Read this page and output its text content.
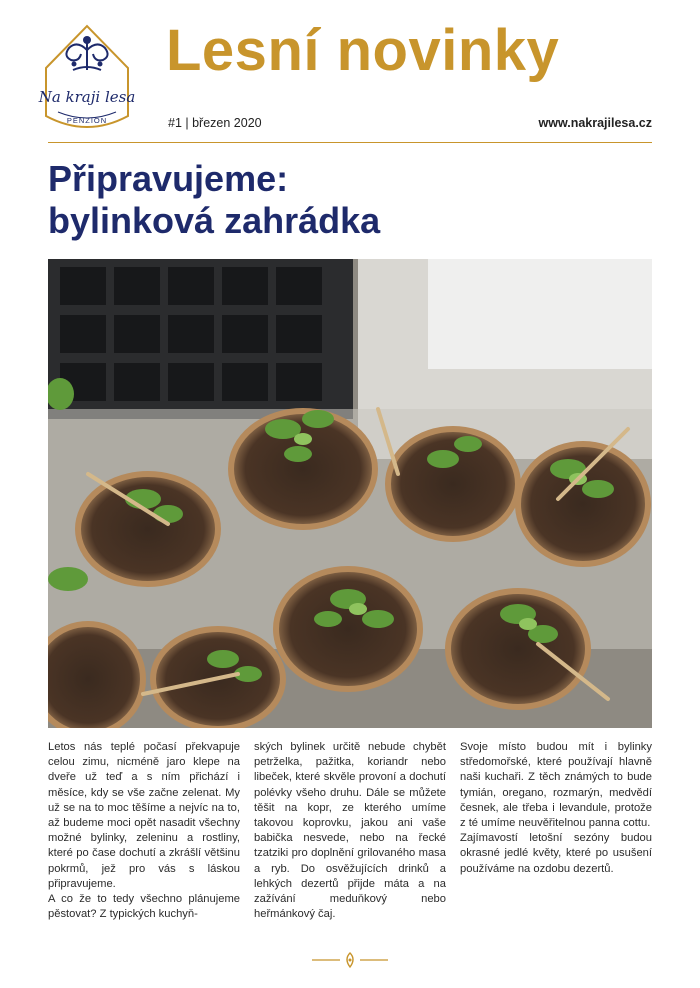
Na kraji lesa
PENZION
Lesní novinky
#1 | březen 2020	www.nakrajilesa.cz
Připravujeme:
bylinková zahrádka

Letos nás teplé počasí překvapuje celou zimu, nicméně jaro klepe na dveře už teď a s ním přichází i měsíce, kdy se vše začne zelenat. My už se na to moc těšíme a nejvíc na to, až budeme moci opět nasadit všechny možné bylinky, zeleninu a rostliny, které po čase dochutí a zkrášlí většinu pokrmů, jež pro vás s láskou připravujeme.

A co že to tedy všechno plánujeme pěstovat? Z typických kuchyň-

ských bylinek určitě nebude chybět petrželka, pažitka, koriandr nebo libeček, které skvěle provoní a dochutí polévky všeho druhu. Dále se můžete těšit na kopr, ze kterého umíme takovou koprovku, jakou ani vaše babička nesvede, nebo na řecké tzatziki pro doplnění grilovaného masa a ryb. Do osvěžujících drinků a lehkých dezertů přijde máta a na zažívání meduňkový nebo heřmánkový čaj.

Svoje místo budou mít i bylinky středomořské, které používají hlavně naši kuchaři. Z těch známých to bude tymián, oregano, rozmarýn, medvědí česnek, ale třeba i levandule, protože z té umíme neuvěřitelnou panna cottu.

Zajímavostí letošní sezóny budou okrasné jedlé květy, které po usušení používáme na ozdobu dezertů.
